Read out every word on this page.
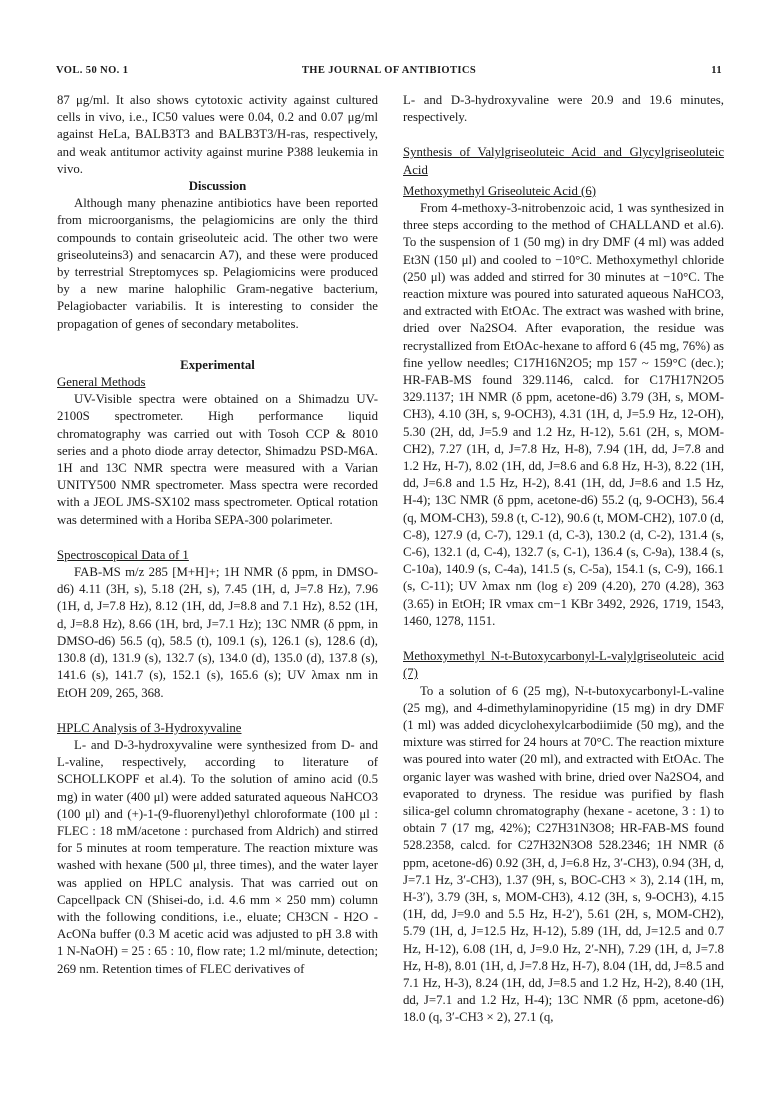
VOL. 50 NO. 1	THE JOURNAL OF ANTIBIOTICS	11

87 μg/ml. It also shows cytotoxic activity against cultured cells in vivo, i.e., IC50 values were 0.04, 0.2 and 0.07 μg/ml against HeLa, BALB3T3 and BALB3T3/H-ras, respectively, and weak antitumor activity against murine P388 leukemia in vivo.

Discussion

Although many phenazine antibiotics have been reported from microorganisms, the pelagiomicins are only the third compounds to contain griseoluteic acid. The other two were griseoluteins3) and senacarcin A7), and these were produced by terrestrial Streptomyces sp. Pelagiomicins were produced by a new marine halophilic Gram-negative bacterium, Pelagiobacter variabilis. It is interesting to consider the propagation of genes of secondary metabolites.

Experimental

General Methods

UV-Visible spectra were obtained on a Shimadzu UV-2100S spectrometer. High performance liquid chromatography was carried out with Tosoh CCP & 8010 series and a photo diode array detector, Shimadzu PSD-M6A. 1H and 13C NMR spectra were measured with a Varian UNITY500 NMR spectrometer. Mass spectra were recorded with a JEOL JMS-SX102 mass spectrometer. Optical rotation was determined with a Horiba SEPA-300 polarimeter.

Spectroscopical Data of 1

FAB-MS m/z 285 [M+H]+; 1H NMR (δ ppm, in DMSO-d6) 4.11 (3H, s), 5.18 (2H, s), 7.45 (1H, d, J=7.8 Hz), 7.96 (1H, d, J=7.8 Hz), 8.12 (1H, dd, J=8.8 and 7.1 Hz), 8.52 (1H, d, J=8.8 Hz), 8.66 (1H, brd, J=7.1 Hz); 13C NMR (δ ppm, in DMSO-d6) 56.5 (q), 58.5 (t), 109.1 (s), 126.1 (s), 128.6 (d), 130.8 (d), 131.9 (s), 132.7 (s), 134.0 (d), 135.0 (d), 137.8 (s), 141.6 (s), 141.7 (s), 152.1 (s), 165.6 (s); UV λmax nm in EtOH 209, 265, 368.

HPLC Analysis of 3-Hydroxyvaline

L- and D-3-hydroxyvaline were synthesized from D- and L-valine, respectively, according to literature of SCHOLLKOPF et al.4). To the solution of amino acid (0.5 mg) in water (400 μl) were added saturated aqueous NaHCO3 (100 μl) and (+)-1-(9-fluorenyl)ethyl chloroformate (100 μl : FLEC : 18 mM/acetone : purchased from Aldrich) and stirred for 5 minutes at room temperature. The reaction mixture was washed with hexane (500 μl, three times), and the water layer was applied on HPLC analysis. That was carried out on Capcellpack CN (Shisei-do, i.d. 4.6 mm × 250 mm) column with the following conditions, i.e., eluate; CH3CN - H2O - AcONa buffer (0.3 M acetic acid was adjusted to pH 3.8 with 1 N-NaOH) = 25 : 65 : 10, flow rate; 1.2 ml/minute, detection; 269 nm. Retention times of FLEC derivatives of

L- and D-3-hydroxyvaline were 20.9 and 19.6 minutes, respectively.

Synthesis of Valylgriseoluteic Acid and Glycylgriseoluteic Acid

Methoxymethyl Griseoluteic Acid (6)

From 4-methoxy-3-nitrobenzoic acid, 1 was synthesized in three steps according to the method of CHALLAND et al.6). To the suspension of 1 (50 mg) in dry DMF (4 ml) was added Et3N (150 μl) and cooled to −10°C. Methoxymethyl chloride (250 μl) was added and stirred for 30 minutes at −10°C. The reaction mixture was poured into saturated aqueous NaHCO3, and extracted with EtOAc. The extract was washed with brine, dried over Na2SO4. After evaporation, the residue was recrystallized from EtOAc-hexane to afford 6 (45 mg, 76%) as fine yellow needles; C17H16N2O5; mp 157 ~ 159°C (dec.); HR-FAB-MS found 329.1146, calcd. for C17H17N2O5 329.1137; 1H NMR (δ ppm, acetone-d6) 3.79 (3H, s, MOM-CH3), 4.10 (3H, s, 9-OCH3), 4.31 (1H, d, J=5.9 Hz, 12-OH), 5.30 (2H, dd, J=5.9 and 1.2 Hz, H-12), 5.61 (2H, s, MOM-CH2), 7.27 (1H, d, J=7.8 Hz, H-8), 7.94 (1H, dd, J=7.8 and 1.2 Hz, H-7), 8.02 (1H, dd, J=8.6 and 6.8 Hz, H-3), 8.22 (1H, dd, J=6.8 and 1.5 Hz, H-2), 8.41 (1H, dd, J=8.6 and 1.5 Hz, H-4); 13C NMR (δ ppm, acetone-d6) 55.2 (q, 9-OCH3), 56.4 (q, MOM-CH3), 59.8 (t, C-12), 90.6 (t, MOM-CH2), 107.0 (d, C-8), 127.9 (d, C-7), 129.1 (d, C-3), 130.2 (d, C-2), 131.4 (s, C-6), 132.1 (d, C-4), 132.7 (s, C-1), 136.4 (s, C-9a), 138.4 (s, C-10a), 140.9 (s, C-4a), 141.5 (s, C-5a), 154.1 (s, C-9), 166.1 (s, C-11); UV λmax nm (log ε) 209 (4.20), 270 (4.28), 363 (3.65) in EtOH; IR νmax cm−1 KBr 3492, 2926, 1719, 1543, 1460, 1278, 1151.

Methoxymethyl N-t-Butoxycarbonyl-L-valylgriseoluteic acid (7)

To a solution of 6 (25 mg), N-t-butoxycarbonyl-L-valine (25 mg), and 4-dimethylaminopyridine (15 mg) in dry DMF (1 ml) was added dicyclohexylcarbodiimide (50 mg), and the mixture was stirred for 24 hours at 70°C. The reaction mixture was poured into water (20 ml), and extracted with EtOAc. The organic layer was washed with brine, dried over Na2SO4, and evaporated to dryness. The residue was purified by flash silica-gel column chromatography (hexane - acetone, 3 : 1) to obtain 7 (17 mg, 42%); C27H31N3O8; HR-FAB-MS found 528.2358, calcd. for C27H32N3O8 528.2346; 1H NMR (δ ppm, acetone-d6) 0.92 (3H, d, J=6.8 Hz, 3′-CH3), 0.94 (3H, d, J=7.1 Hz, 3′-CH3), 1.37 (9H, s, BOC-CH3 × 3), 2.14 (1H, m, H-3′), 3.79 (3H, s, MOM-CH3), 4.12 (3H, s, 9-OCH3), 4.15 (1H, dd, J=9.0 and 5.5 Hz, H-2′), 5.61 (2H, s, MOM-CH2), 5.79 (1H, d, J=12.5 Hz, H-12), 5.89 (1H, dd, J=12.5 and 0.7 Hz, H-12), 6.08 (1H, d, J=9.0 Hz, 2′-NH), 7.29 (1H, d, J=7.8 Hz, H-8), 8.01 (1H, d, J=7.8 Hz, H-7), 8.04 (1H, dd, J=8.5 and 7.1 Hz, H-3), 8.24 (1H, dd, J=8.5 and 1.2 Hz, H-2), 8.40 (1H, dd, J=7.1 and 1.2 Hz, H-4); 13C NMR (δ ppm, acetone-d6) 18.0 (q, 3′-CH3 × 2), 27.1 (q,
